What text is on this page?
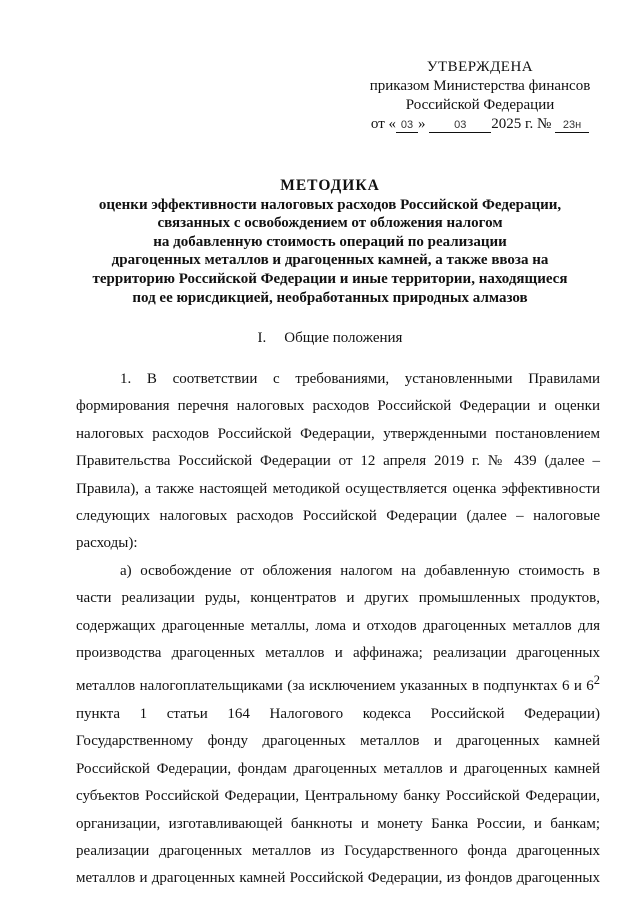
УТВЕРЖДЕНА
приказом Министерства финансов
Российской Федерации
от « 03 »	03 2025 г. № 23н
МЕТОДИКА
оценки эффективности налоговых расходов Российской Федерации,
связанных с освобождением от обложения налогом
на добавленную стоимость операций по реализации
драгоценных металлов и драгоценных камней, а также ввоза на
территорию Российской Федерации и иные территории, находящиеся
под ее юрисдикцией, необработанных природных алмазов
I. Общие положения

1. В соответствии с требованиями, установленными Правилами формирования перечня налоговых расходов Российской Федерации и оценки налоговых расходов Российской Федерации, утвержденными постановлением Правительства Российской Федерации от 12 апреля 2019 г. № 439 (далее – Правила), а также настоящей методикой осуществляется оценка эффективности следующих налоговых расходов Российской Федерации (далее – налоговые расходы):

а) освобождение от обложения налогом на добавленную стоимость в части реализации руды, концентратов и других промышленных продуктов, содержащих драгоценные металлы, лома и отходов драгоценных металлов для производства драгоценных металлов и аффинажа; реализации драгоценных металлов налогоплательщиками (за исключением указанных в подпунктах 6 и $6^2$ пункта 1 статьи 164 Налогового кодекса Российской Федерации) Государственному фонду драгоценных металлов и драгоценных камней Российской Федерации, фондам драгоценных металлов и драгоценных камней субъектов Российской Федерации, Центральному банку Российской Федерации, организации, изготавливающей банкноты и монету Банка России, и банкам; реализации драгоценных металлов из Государственного фонда драгоценных металлов и драгоценных камней Российской Федерации, из фондов драгоценных
